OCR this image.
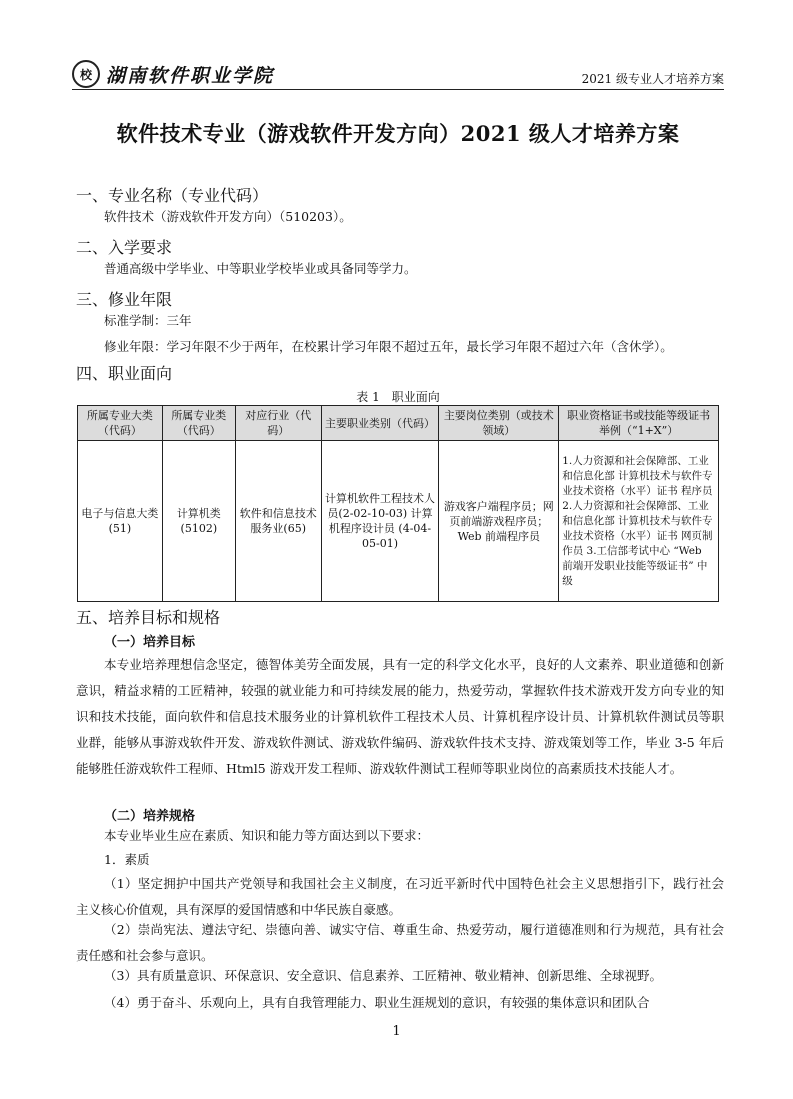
校 湖南软件职业学院	2021 级专业人才培养方案
软件技术专业（游戏软件开发方向）2021 级人才培养方案
一、专业名称（专业代码）
软件技术（游戏软件开发方向）（510203）。
二、入学要求
普通高级中学毕业、中等职业学校毕业或具备同等学力。
三、修业年限
标准学制：三年
修业年限：学习年限不少于两年，在校累计学习年限不超过五年，最长学习年限不超过六年（含休学）。
四、职业面向
表 1　职业面向
所属专业大类（代码）	所属专业类（代码）	对应行业（代码）	主要职业类别（代码）	主要岗位类别（或技术领域）	职业资格证书或技能等级证书举例（“1+X”）
电子与信息大类 (51)	计算机类 (5102)	软件和信息技术服务业(65)	计算机软件工程技术人员(2-02-10-03) 计算机程序设计员 (4-04-05-01)	游戏客户端程序员；网页前端游戏程序员；Web 前端程序员	1.人力资源和社会保障部、工业和信息化部 计算机技术与软件专业技术资格（水平）证书 程序员 2.人力资源和社会保障部、工业和信息化部 计算机技术与软件专业技术资格（水平）证书 网页制作员 3.工信部考试中心 “Web 前端开发职业技能等级证书” 中级
五、培养目标和规格
（一）培养目标
本专业培养理想信念坚定，德智体美劳全面发展，具有一定的科学文化水平，良好的人文素养、职业道德和创新意识，精益求精的工匠精神，较强的就业能力和可持续发展的能力，热爱劳动，掌握软件技术游戏开发方向专业的知识和技术技能，面向软件和信息技术服务业的计算机软件工程技术人员、计算机程序设计员、计算机软件测试员等职业群，能够从事游戏软件开发、游戏软件测试、游戏软件编码、游戏软件技术支持、游戏策划等工作，毕业 3-5 年后能够胜任游戏软件工程师、Html5 游戏开发工程师、游戏软件测试工程师等职业岗位的高素质技术技能人才。
（二）培养规格
本专业毕业生应在素质、知识和能力等方面达到以下要求：
1．素质
（1）坚定拥护中国共产党领导和我国社会主义制度，在习近平新时代中国特色社会主义思想指引下，践行社会主义核心价值观，具有深厚的爱国情感和中华民族自豪感。
（2）崇尚宪法、遵法守纪、崇德向善、诚实守信、尊重生命、热爱劳动，履行道德准则和行为规范，具有社会责任感和社会参与意识。
（3）具有质量意识、环保意识、安全意识、信息素养、工匠精神、敬业精神、创新思维、全球视野。
（4）勇于奋斗、乐观向上，具有自我管理能力、职业生涯规划的意识，有较强的集体意识和团队合
1
